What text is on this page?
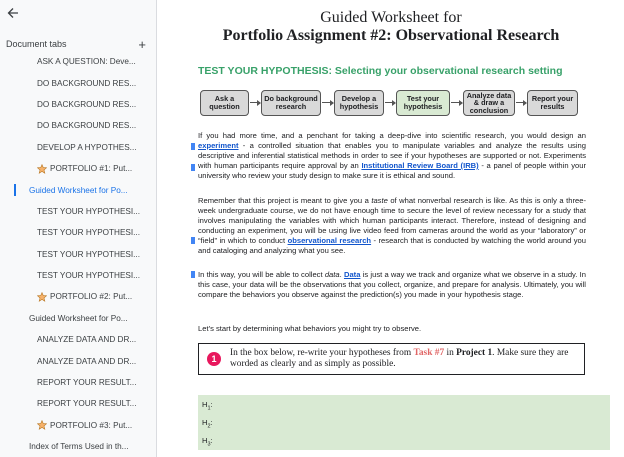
Document tabs	+
ASK A QUESTION: Deve...
DO BACKGROUND RES...
DO BACKGROUND RES...
DO BACKGROUND RES...
DEVELOP A HYPOTHES...
PORTFOLIO #1: Put...
Guided Worksheet for Po...
TEST YOUR HYPOTHESI...
TEST YOUR HYPOTHESI...
TEST YOUR HYPOTHESI...
TEST YOUR HYPOTHESI...
PORTFOLIO #2: Put...
Guided Worksheet for Po...
ANALYZE DATA AND DR...
ANALYZE DATA AND DR...
REPORT YOUR RESULT...
REPORT YOUR RESULT...
PORTFOLIO #3: Put...
Index of Terms Used in th...
Guided Worksheet for
Portfolio Assignment #2: Observational Research
TEST YOUR HYPOTHESIS: Selecting your observational research setting
Ask a question
Do background research
Develop a hypothesis
Test your hypothesis
Analyze data & draw a conclusion
Report your results
If you had more time, and a penchant for taking a deep-dive into scientific research, you would design an experiment - a controlled situation that enables you to manipulate variables and analyze the results using descriptive and inferential statistical methods in order to see if your hypotheses are supported or not. Experiments with human participants require approval by an Institutional Review Board (IRB) - a panel of people within your university who review your study design to make sure it is ethical and sound.
Remember that this project is meant to give you a taste of what nonverbal research is like. As this is only a three-week undergraduate course, we do not have enough time to secure the level of review necessary for a study that involves manipulating the variables with which human participants interact. Therefore, instead of designing and conducting an experiment, you will be using live video feed from cameras around the world as your “laboratory” or “field” in which to conduct observational research - research that is conducted by watching the world around you and cataloging and analyzing what you see.
In this way, you will be able to collect data. Data is just a way we track and organize what we observe in a study. In this case, your data will be the observations that you collect, organize, and prepare for analysis. Ultimately, you will compare the behaviors you observe against the prediction(s) you made in your hypothesis stage.
Let’s start by determining what behaviors you might try to observe.
1
In the box below, re-write your hypotheses from Task #7 in Project 1. Make sure they are worded as clearly and as simply as possible.
$H_1$:
$H_2$:
$H_3$:
